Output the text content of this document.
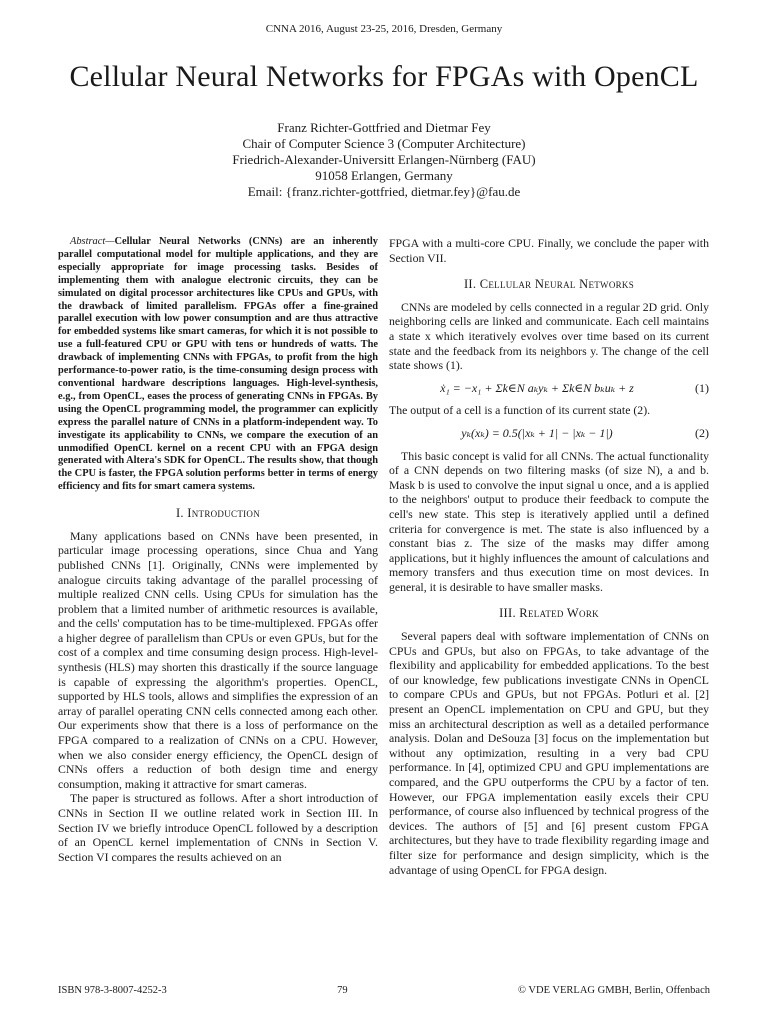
CNNA 2016, August 23-25, 2016, Dresden, Germany
Cellular Neural Networks for FPGAs with OpenCL
Franz Richter-Gottfried and Dietmar Fey
Chair of Computer Science 3 (Computer Architecture)
Friedrich-Alexander-Universitt Erlangen-Nürnberg (FAU)
91058 Erlangen, Germany
Email: {franz.richter-gottfried, dietmar.fey}@fau.de

Abstract—Cellular Neural Networks (CNNs) are an inherently parallel computational model for multiple applications, and they are especially appropriate for image processing tasks. Besides of implementing them with analogue electronic circuits, they can be simulated on digital processor architectures like CPUs and GPUs, with the drawback of limited parallelism. FPGAs offer a fine-grained parallel execution with low power consumption and are thus attractive for embedded systems like smart cameras, for which it is not possible to use a full-featured CPU or GPU with tens or hundreds of watts. The drawback of implementing CNNs with FPGAs, to profit from the high performance-to-power ratio, is the time-consuming design process with conventional hardware descriptions languages. High-level-synthesis, e.g., from OpenCL, eases the process of generating CNNs in FPGAs. By using the OpenCL programming model, the programmer can explicitly express the parallel nature of CNNs in a platform-independent way. To investigate its applicability to CNNs, we compare the execution of an unmodified OpenCL kernel on a recent CPU with an FPGA design generated with Altera's SDK for OpenCL. The results show, that though the CPU is faster, the FPGA solution performs better in terms of energy efficiency and fits for smart camera systems.

I. Introduction

Many applications based on CNNs have been presented, in particular image processing operations, since Chua and Yang published CNNs [1]. Originally, CNNs were implemented by analogue circuits taking advantage of the parallel processing of multiple realized CNN cells. Using CPUs for simulation has the problem that a limited number of arithmetic resources is available, and the cells' computation has to be time-multiplexed. FPGAs offer a higher degree of parallelism than CPUs or even GPUs, but for the cost of a complex and time consuming design process. High-level-synthesis (HLS) may shorten this drastically if the source language is capable of expressing the algorithm's properties. OpenCL, supported by HLS tools, allows and simplifies the expression of an array of parallel operating CNN cells connected among each other. Our experiments show that there is a loss of performance on the FPGA compared to a realization of CNNs on a CPU. However, when we also consider energy efficiency, the OpenCL design of CNNs offers a reduction of both design time and energy consumption, making it attractive for smart cameras.

The paper is structured as follows. After a short introduction of CNNs in Section II we outline related work in Section III. In Section IV we briefly introduce OpenCL followed by a description of an OpenCL kernel implementation of CNNs in Section V. Section VI compares the results achieved on an

FPGA with a multi-core CPU. Finally, we conclude the paper with Section VII.

II. Cellular Neural Networks

CNNs are modeled by cells connected in a regular 2D grid. Only neighboring cells are linked and communicate. Each cell maintains a state x which iteratively evolves over time based on its current state and the feedback from its neighbors y. The change of the cell state shows (1).

ẋ₁ = −x₁ + Σk∈N aₖyₖ + Σk∈N bₖuₖ + z	(1)

The output of a cell is a function of its current state (2).

yₖ(xₖ) = 0.5(|xₖ + 1| − |xₖ − 1|)	(2)

This basic concept is valid for all CNNs. The actual functionality of a CNN depends on two filtering masks (of size N), a and b. Mask b is used to convolve the input signal u once, and a is applied to the neighbors' output to produce their feedback to compute the cell's new state. This step is iteratively applied until a defined criteria for convergence is met. The state is also influenced by a constant bias z. The size of the masks may differ among applications, but it highly influences the amount of calculations and memory transfers and thus execution time on most devices. In general, it is desirable to have smaller masks.

III. Related Work

Several papers deal with software implementation of CNNs on CPUs and GPUs, but also on FPGAs, to take advantage of the flexibility and applicability for embedded applications. To the best of our knowledge, few publications investigate CNNs in OpenCL to compare CPUs and GPUs, but not FPGAs. Potluri et al. [2] present an OpenCL implementation on CPU and GPU, but they miss an architectural description as well as a detailed performance analysis. Dolan and DeSouza [3] focus on the implementation but without any optimization, resulting in a very bad CPU performance. In [4], optimized CPU and GPU implementations are compared, and the GPU outperforms the CPU by a factor of ten. However, our FPGA implementation easily excels their CPU performance, of course also influenced by technical progress of the devices. The authors of [5] and [6] present custom FPGA architectures, but they have to trade flexibility regarding image and filter size for performance and design simplicity, which is the advantage of using OpenCL for FPGA design.

ISBN 978-3-8007-4252-3	79	© VDE VERLAG GMBH, Berlin, Offenbach
